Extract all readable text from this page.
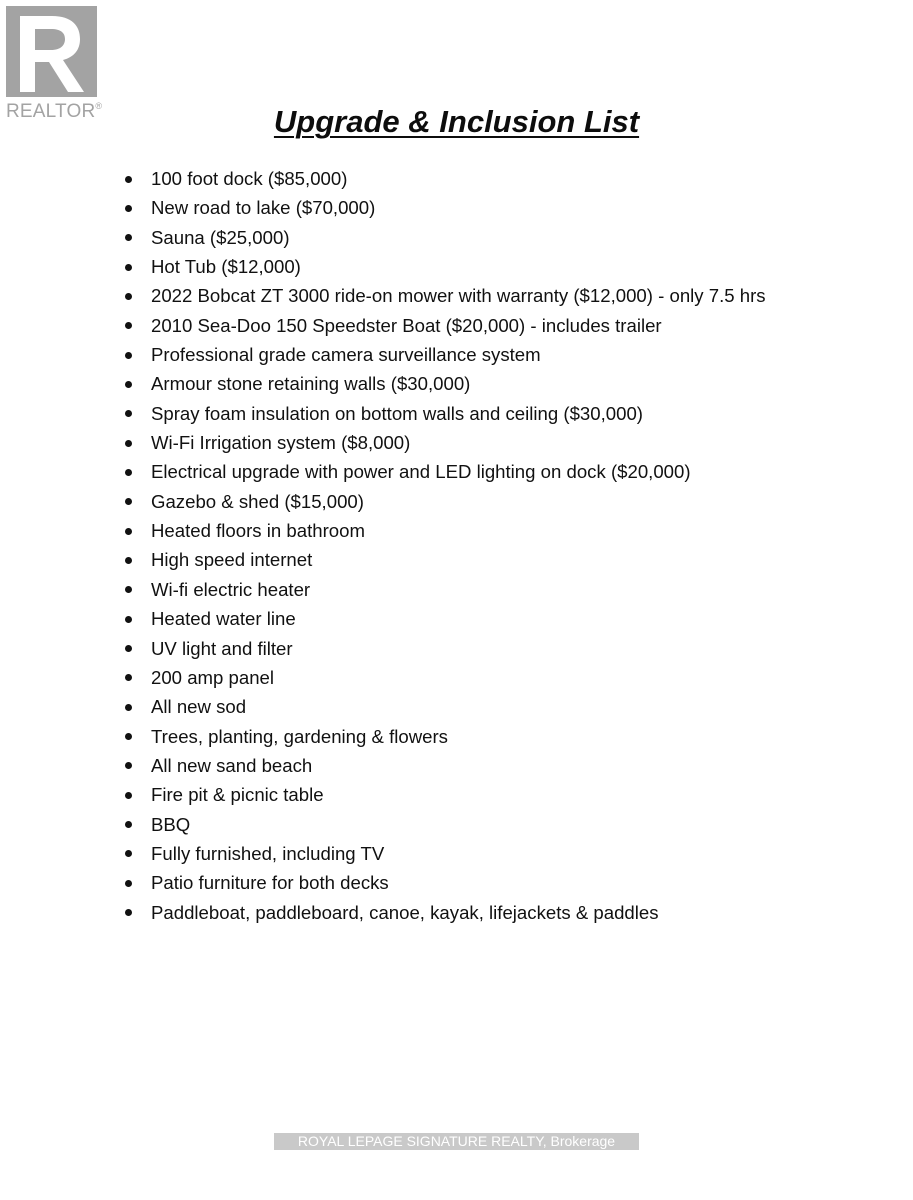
REALTOR®	Upgrade & Inclusion List
100 foot dock ($85,000)
New road to lake ($70,000)
Sauna ($25,000)
Hot Tub ($12,000)
2022 Bobcat ZT 3000 ride-on mower with warranty ($12,000) - only 7.5 hrs
2010 Sea-Doo 150 Speedster Boat ($20,000) - includes trailer
Professional grade camera surveillance system
Armour stone retaining walls ($30,000)
Spray foam insulation on bottom walls and ceiling ($30,000)
Wi-Fi Irrigation system ($8,000)
Electrical upgrade with power and LED lighting on dock ($20,000)
Gazebo & shed ($15,000)
Heated floors in bathroom
High speed internet
Wi-fi electric heater
Heated water line
UV light and filter
200 amp panel
All new sod
Trees, planting, gardening & flowers
All new sand beach
Fire pit & picnic table
BBQ
Fully furnished, including TV
Patio furniture for both decks
Paddleboat, paddleboard, canoe, kayak, lifejackets & paddles
ROYAL LEPAGE SIGNATURE REALTY, Brokerage
